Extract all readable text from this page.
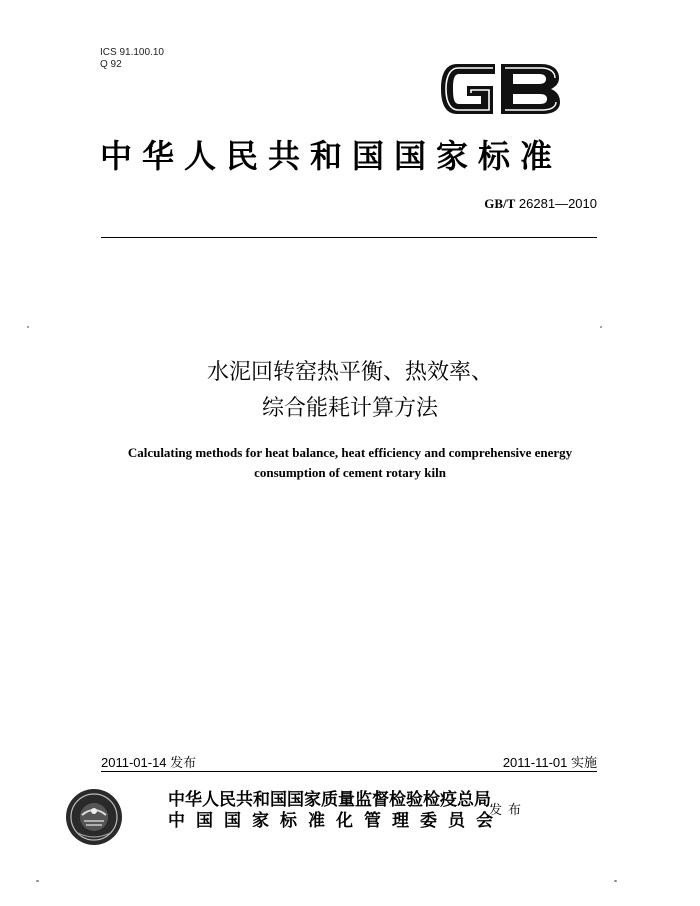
ICS 91.100.10
Q 92
中华人民共和国国家标准
GB/T 26281—2010
水泥回转窑热平衡、热效率、
综合能耗计算方法
Calculating methods for heat balance, heat efficiency and comprehensive energy
consumption of cement rotary kiln
2011-01-14 发布	2011-11-01 实施
中华人民共和国国家质量监督检验检疫总局
中国国家标准化管理委员会
发布
